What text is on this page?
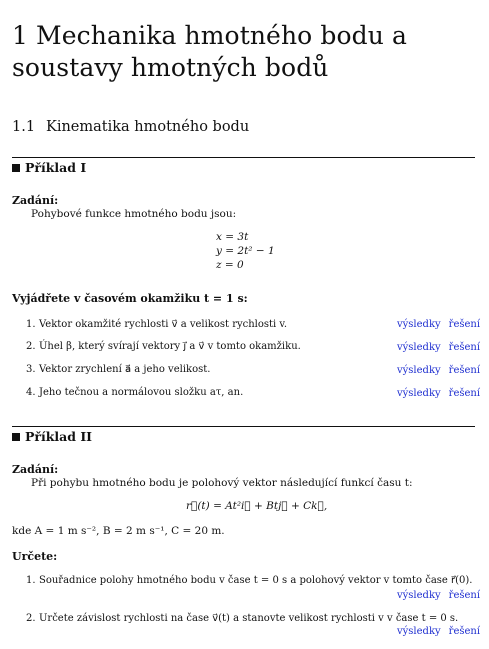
1 Mechanika hmotného bodu a soustavy hmotných bodů
1.1 Kinematika hmotného bodu
Příklad I
Zadání:
Pohybové funkce hmotného bodu jsou:
x = 3t
y = 2t² − 1
z = 0
Vyjádřete v časovém okamžiku t = 1 s:
1. Vektor okamžité rychlosti v⃗ a velikost rychlosti v.	výsledky řešení
2. Úhel β, který svírají vektory j⃗ a v⃗ v tomto okamžiku.	výsledky řešení
3. Vektor zrychlení a⃗ a jeho velikost.	výsledky řešení
4. Jeho tečnou a normálovou složku aτ, an.	výsledky řešení
Příklad II
Zadání:
Při pohybu hmotného bodu je polohový vektor následující funkcí času t:
r⃗(t) = At²i⃗ + Btj⃗ + Ck⃗,
kde A = 1 m s⁻², B = 2 m s⁻¹, C = 20 m.
Určete:
1. Souřadnice polohy hmotného bodu v čase t = 0 s a polohový vektor v tomto čase r⃗(0).
výsledky řešení
2. Určete závislost rychlosti na čase v⃗(t) a stanovte velikost rychlosti v v čase t = 0 s.
výsledky řešení
